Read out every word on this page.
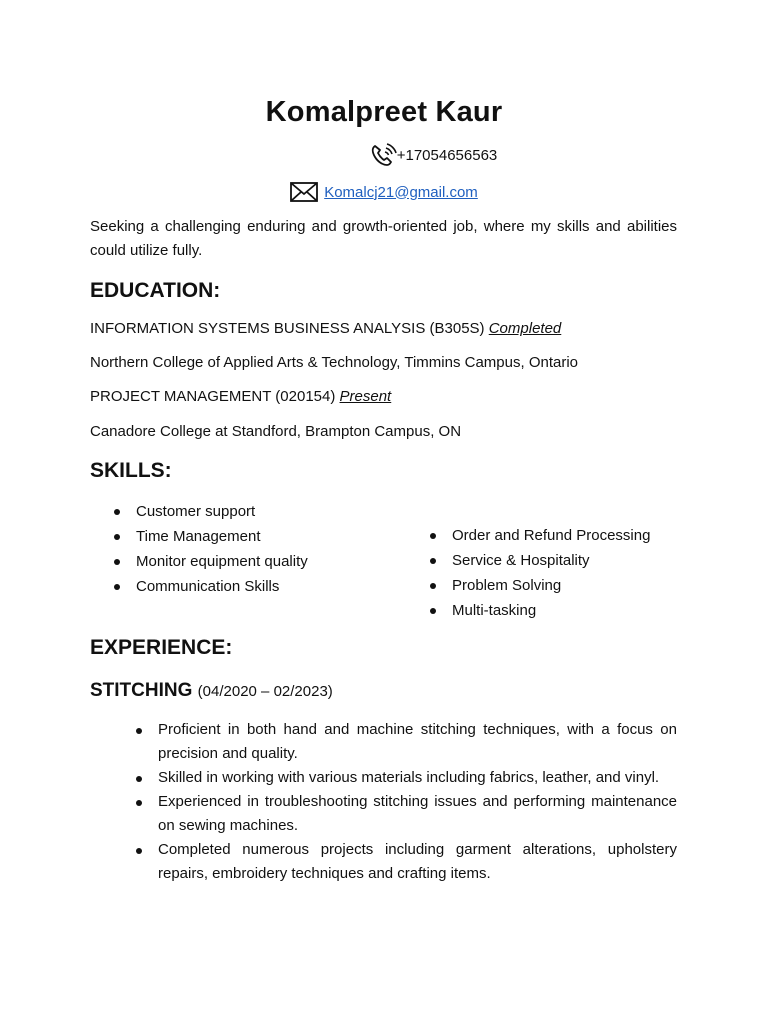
Komalpreet Kaur
+17054656563
Komalcj21@gmail.com
Seeking a challenging enduring and growth-oriented job, where my skills and abilities could utilize fully.
EDUCATION:
INFORMATION SYSTEMS BUSINESS ANALYSIS (B305S) Completed
Northern College of Applied Arts & Technology, Timmins Campus, Ontario
PROJECT MANAGEMENT (020154) Present
Canadore College at Standford, Brampton Campus, ON
SKILLS:
Customer support
Time Management
Monitor equipment quality
Communication Skills
Order and Refund Processing
Service & Hospitality
Problem Solving
Multi-tasking
EXPERIENCE:
STITCHING (04/2020 – 02/2023)
Proficient in both hand and machine stitching techniques, with a focus on precision and quality.
Skilled in working with various materials including fabrics, leather, and vinyl.
Experienced in troubleshooting stitching issues and performing maintenance on sewing machines.
Completed numerous projects including garment alterations, upholstery repairs, embroidery techniques and crafting items.
